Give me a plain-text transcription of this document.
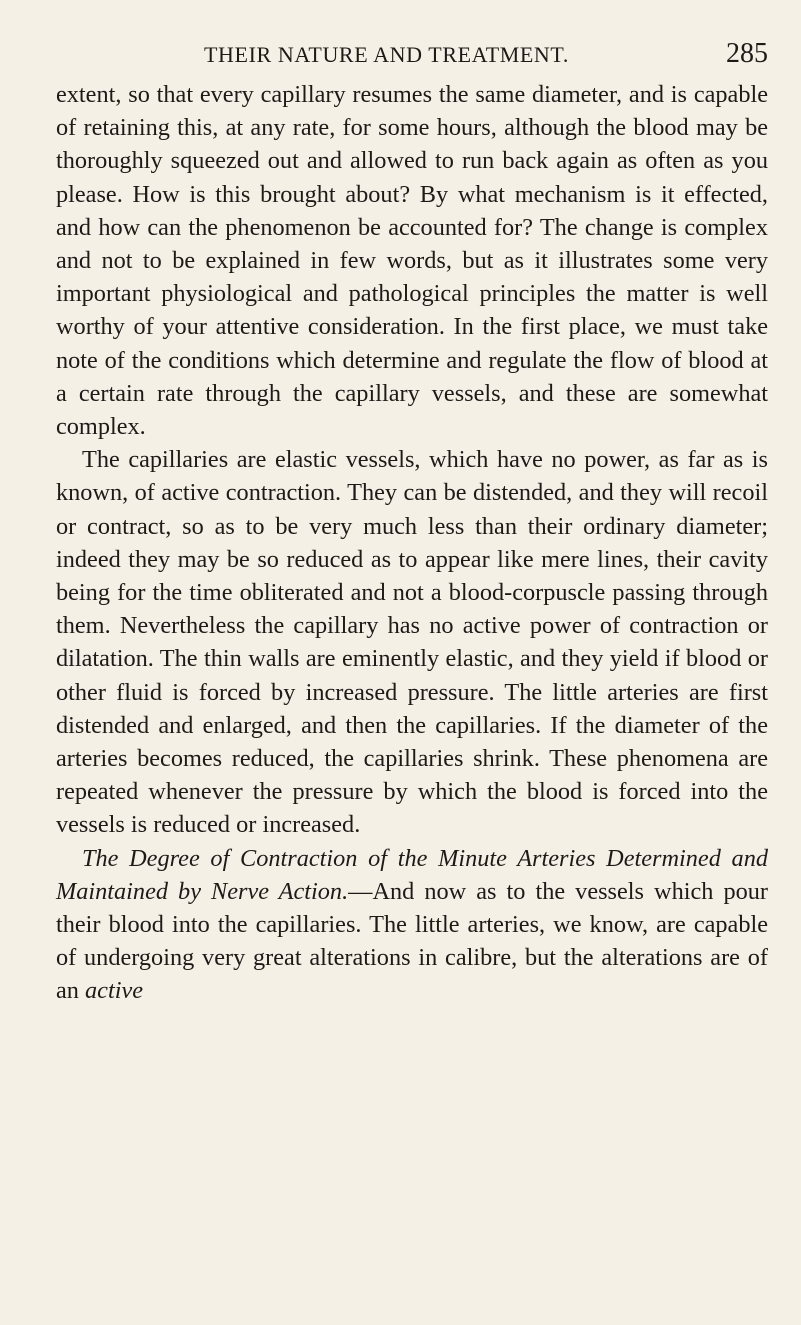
THEIR NATURE AND TREATMENT.	285

extent, so that every capillary resumes the same diameter, and is capable of retaining this, at any rate, for some hours, although the blood may be thoroughly squeezed out and allowed to run back again as often as you please. How is this brought about? By what mechanism is it effected, and how can the phenomenon be accounted for? The change is complex and not to be explained in few words, but as it illustrates some very important physiological and pathological principles the matter is well worthy of your attentive consideration. In the first place, we must take note of the conditions which determine and regulate the flow of blood at a certain rate through the capillary vessels, and these are somewhat complex.

The capillaries are elastic vessels, which have no power, as far as is known, of active contraction. They can be distended, and they will recoil or contract, so as to be very much less than their ordinary diameter; indeed they may be so reduced as to appear like mere lines, their cavity being for the time obliterated and not a blood-corpuscle passing through them. Nevertheless the capillary has no active power of contraction or dilatation. The thin walls are eminently elastic, and they yield if blood or other fluid is forced by increased pressure. The little arteries are first distended and enlarged, and then the capillaries. If the diameter of the arteries becomes reduced, the capillaries shrink. These phenomena are repeated whenever the pressure by which the blood is forced into the vessels is reduced or increased.

The Degree of Contraction of the Minute Arteries Determined and Maintained by Nerve Action.—And now as to the vessels which pour their blood into the capillaries. The little arteries, we know, are capable of undergoing very great alterations in calibre, but the alterations are of an active
